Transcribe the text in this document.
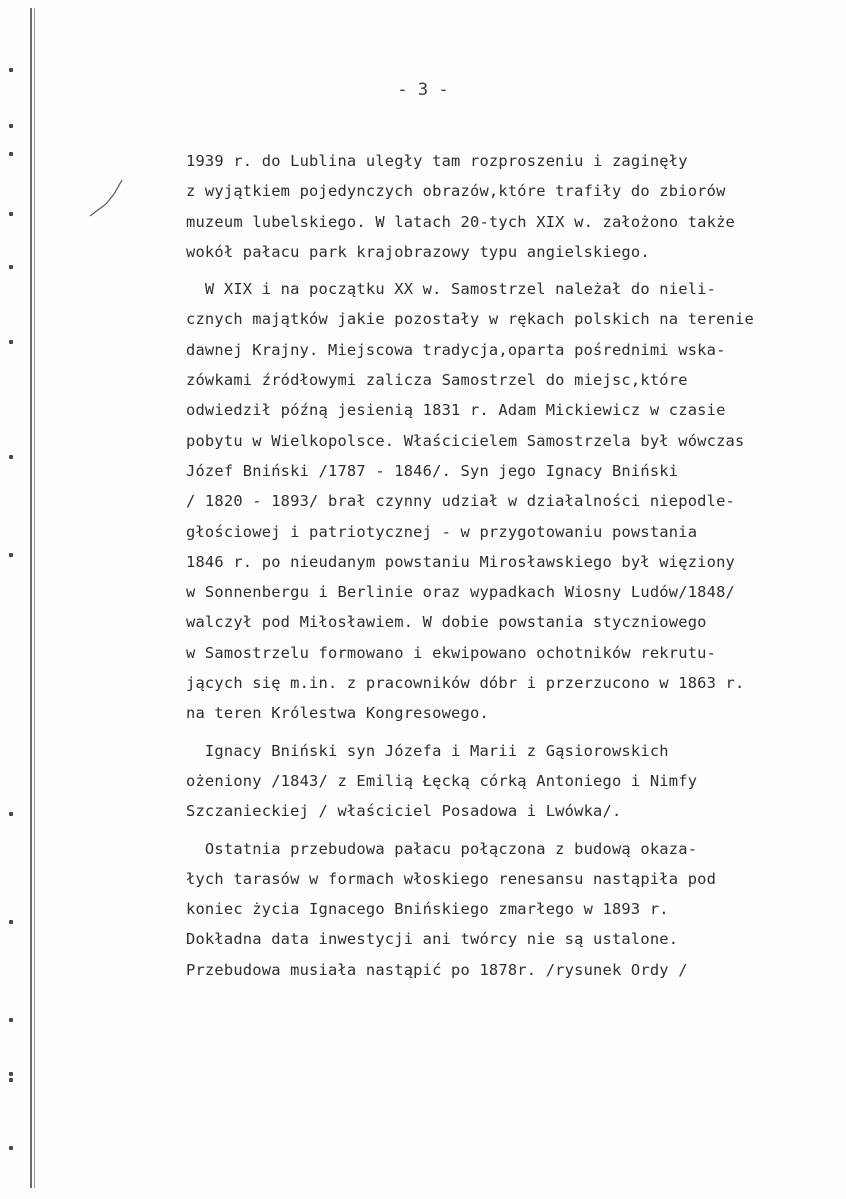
- 3 -
1939 r. do Lublina uległy tam rozproszeniu i zaginęły
z wyjątkiem pojedynczych obrazów,które trafiły do zbiorów
muzeum lubelskiego. W latach 20-tych XIX w. założono także
wokół pałacu park krajobrazowy typu angielskiego.
W XIX i na początku XX w. Samostrzel należał do nieli-
cznych majątków jakie pozostały w rękach polskich na terenie
dawnej Krajny. Miejscowa tradycja,oparta pośrednimi wska-
zówkami źródłowymi zalicza Samostrzel do miejsc,które
odwiedził późną jesienią 1831 r. Adam Mickiewicz w czasie
pobytu w Wielkopolsce. Właścicielem Samostrzela był wówczas
Józef Bniński /1787 - 1846/. Syn jego Ignacy Bniński
/ 1820 - 1893/ brał czynny udział w działalności niepodle-
głościowej i patriotycznej - w przygotowaniu powstania
1846 r. po nieudanym powstaniu Mirosławskiego był więziony
w Sonnenbergu i Berlinie oraz wypadkach Wiosny Ludów/1848/
walczył pod Miłosławiem. W dobie powstania styczniowego
w Samostrzelu formowano i ekwipowano ochotników rekrutu-
jących się m.in. z pracowników dóbr i przerzucono w 1863 r.
na teren Królestwa Kongresowego.
Ignacy Bniński syn Józefa i Marii z Gąsiorowskich
ożeniony /1843/ z Emilią Łęcką córką Antoniego i Nimfy
Szczanieckiej / właściciel Posadowa i Lwówka/.
Ostatnia przebudowa pałacu połączona z budową okaza-
łych tarasów w formach włoskiego renesansu nastąpiła pod
koniec życia Ignacego Bnińskiego zmarłego w 1893 r.
Dokładna data inwestycji ani twórcy nie są ustalone.
Przebudowa musiała nastąpić po 1878r. /rysunek Ordy /
